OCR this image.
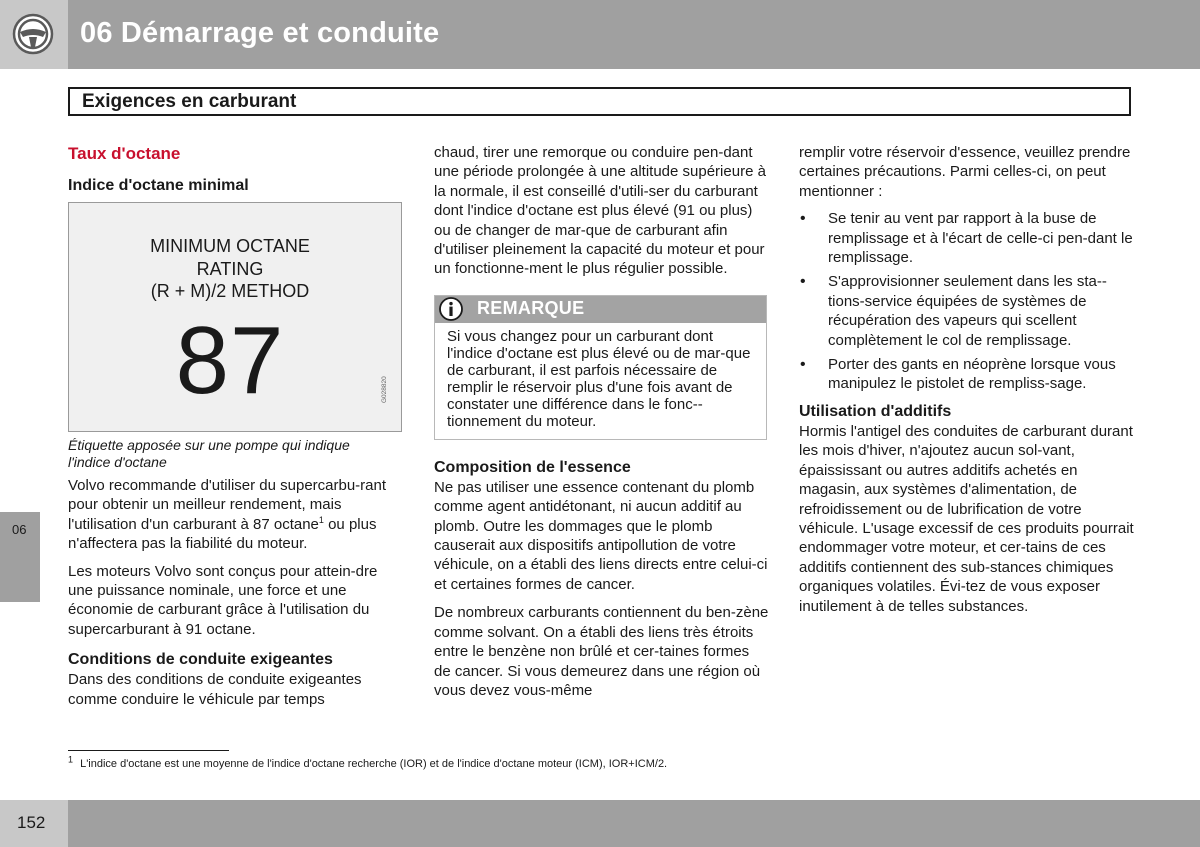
06 Démarrage et conduite
Exigences en carburant
Taux d'octane
Indice d'octane minimal
MINIMUM OCTANE
RATING
(R + M)/2 METHOD
87	G028820
Étiquette apposée sur une pompe qui indique
l'indice d'octane

Volvo recommande d'utiliser du supercarbu-rant pour obtenir un meilleur rendement, mais l'utilisation d'un carburant à 87 octane$^1$ ou plus n'affectera pas la fiabilité du moteur.

Les moteurs Volvo sont conçus pour attein-dre une puissance nominale, une force et une économie de carburant grâce à l'utilisation du supercarburant à 91 octane.

Conditions de conduite exigeantes

Dans des conditions de conduite exigeantes comme conduire le véhicule par temps

chaud, tirer une remorque ou conduire pen-dant une période prolongée à une altitude supérieure à la normale, il est conseillé d'utili-ser du carburant dont l'indice d'octane est plus élevé (91 ou plus) ou de changer de mar-que de carburant afin d'utiliser pleinement la capacité du moteur et pour un fonctionne-ment le plus régulier possible.

REMARQUE
Si vous changez pour un carburant dont l'indice d'octane est plus élevé ou de mar-que de carburant, il est parfois nécessaire de remplir le réservoir plus d'une fois avant de constater une différence dans le fonc-tionnement du moteur.
Composition de l'essence

Ne pas utiliser une essence contenant du plomb comme agent antidétonant, ni aucun additif au plomb. Outre les dommages que le plomb causerait aux dispositifs antipollution de votre véhicule, on a établi des liens directs entre celui-ci et certaines formes de cancer.

De nombreux carburants contiennent du ben-zène comme solvant. On a établi des liens très étroits entre le benzène non brûlé et cer-taines formes de cancer. Si vous demeurez dans une région où vous devez vous-même

remplir votre réservoir d'essence, veuillez prendre certaines précautions. Parmi celles-ci, on peut mentionner :

• Se tenir au vent par rapport à la buse de remplissage et à l'écart de celle-ci pen-dant le remplissage.
• S'approvisionner seulement dans les sta-tions-service équipées de systèmes de récupération des vapeurs qui scellent complètement le col de remplissage.
• Porter des gants en néoprène lorsque vous manipulez le pistolet de rempliss-sage.
Utilisation d'additifs

Hormis l'antigel des conduites de carburant durant les mois d'hiver, n'ajoutez aucun sol-vant, épaississant ou autres additifs achetés en magasin, aux systèmes d'alimentation, de refroidissement ou de lubrification de votre véhicule. L'usage excessif de ces produits pourrait endommager votre moteur, et cer-tains de ces additifs contiennent des sub-stances chimiques organiques volatiles. Évi-tez de vous exposer inutilement à de telles substances.

06
$^1$ L'indice d'octane est une moyenne de l'indice d'octane recherche (IOR) et de l'indice d'octane moteur (ICM), IOR+ICM/2.
152
